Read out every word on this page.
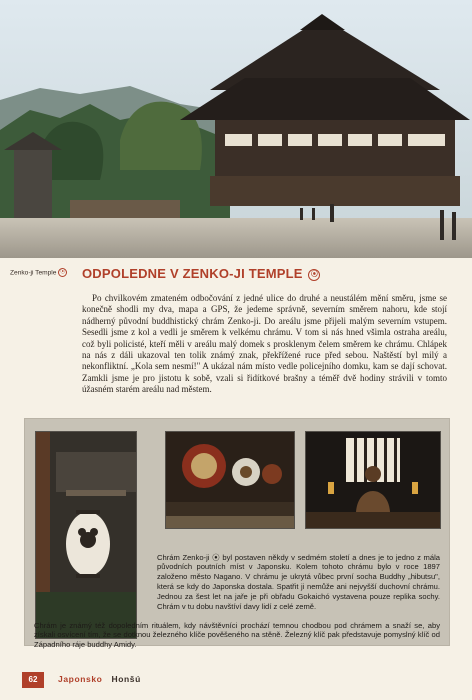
Zenko-ji Temple ⦿	ODPOLEDNE V ZENKO-JI TEMPLE ⦿

Po chvilkovém zmateném odbočování z jedné ulice do druhé a neustálém mění směru, jsme se konečně shodli my dva, mapa a GPS, že jedeme správně, severním směrem nahoru, kde stojí nádherný původní buddhistický chrám Zenko-ji. Do areálu jsme přijeli malým severním vstupem. Sesedli jsme z kol a vedli je směrem k velkému chrámu. V tom si nás hned všimla ostraha areálu, což byli policisté, kteří měli v areálu malý domek s prosklenym čelem směrem ke chrámu. Chlápek na nás z dáli ukazoval ten tolik známý znak, překřížené ruce před sebou. Naštěstí byl milý a nekonfliktní. „Kola sem nesmí!" A ukázal nám místo vedle policejního domku, kam se dají schovat. Zamkli jsme je pro jistotu k sobě, vzali si řidítkové brašny a téměř dvě hodiny strávili v tomto úžasném starém areálu nad městem.

Chrám Zenko-ji ⦿ byl postaven někdy v sedmém století a dnes je to jedno z mála původních poutních míst v Japonsku. Kolem tohoto chrámu bylo v roce 1897 založeno město Nagano. V chrámu je ukrytá vůbec první socha Buddhy „hibutsu", která se kdy do Japonska dostala. Spatřit ji nemůže ani nejvyšší duchovní chrámu. Jednou za šest let na jaře je při obřadu Gokaichó vystavena pouze replika sochy. Chrám v tu dobu navštíví davy lidí z celé země.

Chrám je známý též dopoledním rituálem, kdy návštěvníci prochází temnou chodbou pod chrámem a snaží se, aby získali osvícení tím, že se dotknou železného klíče pověšeného na stěně. Železný klíč pak představuje pomyslný klíč od Západního ráje buddhy Amidy.

62	Japonsko Honšú
